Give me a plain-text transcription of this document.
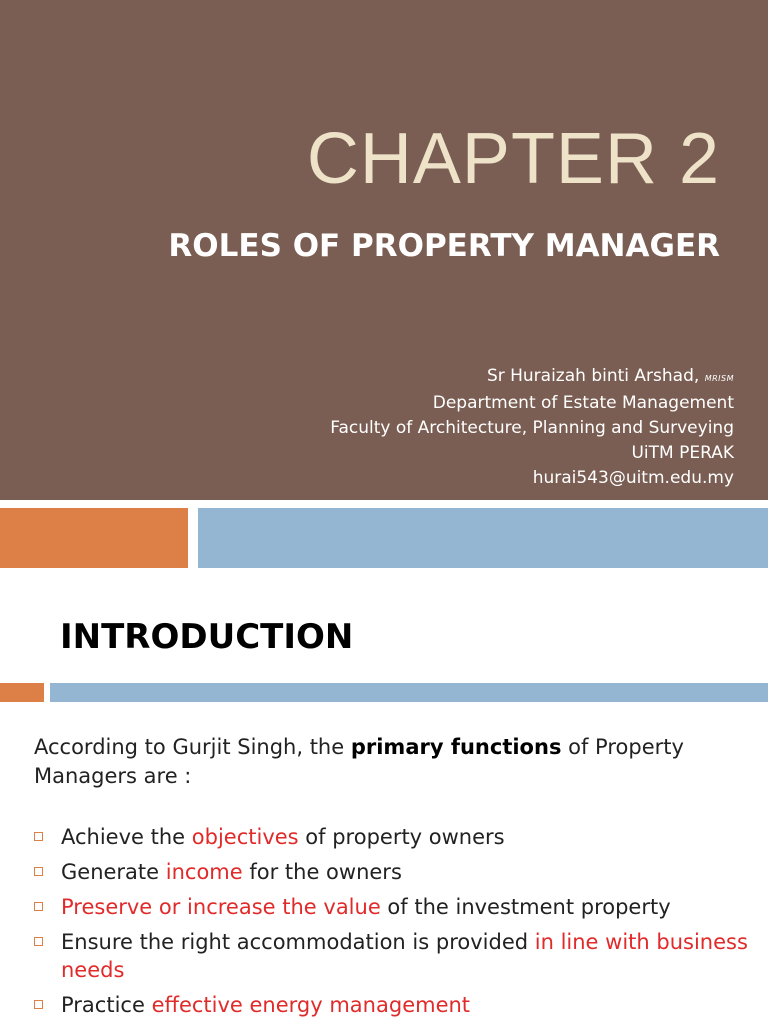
CHAPTER 2
ROLES OF PROPERTY MANAGER
Sr Huraizah binti Arshad, MRISM
Department of Estate Management
Faculty of Architecture, Planning and Surveying
UiTM PERAK
hurai543@uitm.edu.my
INTRODUCTION
According to Gurjit Singh, the primary functions of Property Managers are :
Achieve the objectives of property owners
Generate income for the owners
Preserve or increase the value of the investment property
Ensure the right accommodation is provided in line with business needs
Practice effective energy management
